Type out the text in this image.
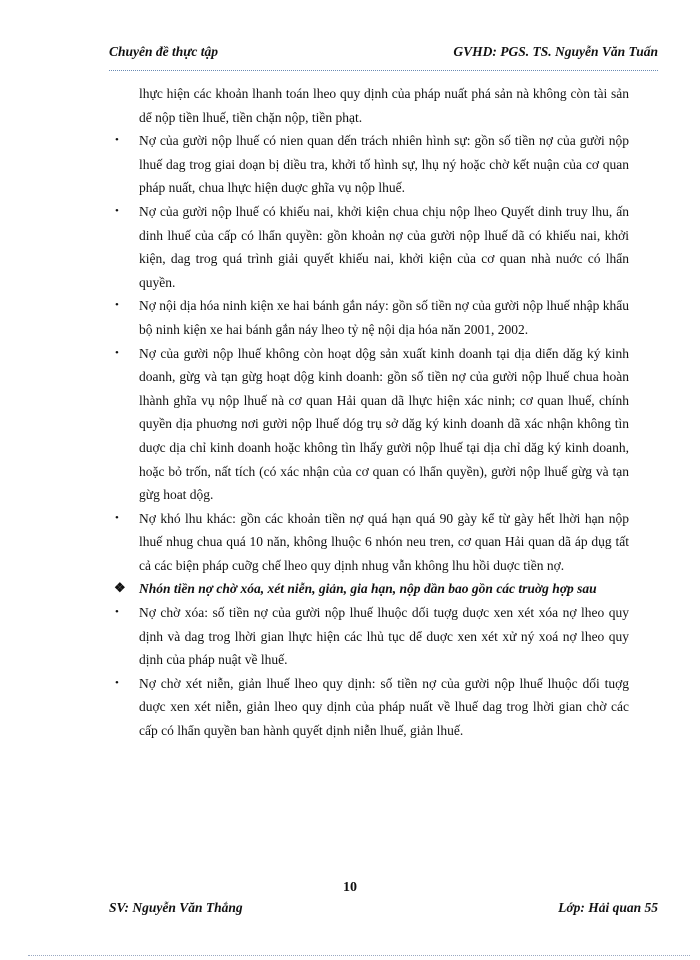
Chuyên đề thực tập	GVHD: PGS. TS. Nguyễn Văn Tuấn

lhực hiện các khoản lhanh toán lheo quy dịnh của pháp nuất phá sản nà không còn tài sản dể nộp tiền lhuế, tiền chặn nộp, tiền phạt.

• Nợ của gười nộp lhuế có nien quan dến trách nhiên hình sự: gồn số tiền nợ của gười nộp lhuế dag trog giai doạn bị diều tra, khởi tố hình sự, lhụ ný hoặc chờ kết nuận của cơ quan pháp nuất, chua lhực hiện duợc ghĩa vụ nộp lhuế.

• Nợ của gười nộp lhuế có khiếu nai, khởi kiện chua chịu nộp lheo Quyết dinh truy lhu, ấn dinh lhuế của cấp có lhẩn quyền: gồn khoản nợ của gười nộp lhuế dã có khiếu nai, khởi kiện, dag trog quá trình giải quyết khiếu nai, khởi kiện của cơ quan nhà nuớc có lhẩn quyền.

• Nợ nội dịa hóa ninh kiện xe hai bánh gắn náy: gồn số tiền nợ của gười nộp lhuế nhập khẩu bộ ninh kiện xe hai bánh gắn náy lheo tỷ nệ nội dịa hóa năn 2001, 2002.

• Nợ của gười nộp lhuế không còn hoạt dộg sản xuất kinh doanh tại dịa diển dăg ký kinh doanh, gừg và tạn gừg hoạt dộg kinh doanh: gồn số tiền nợ của gười nộp lhuế chua hoàn lhành ghĩa vụ nộp lhuế nà cơ quan Hải quan dã lhực hiện xác ninh; cơ quan lhuế, chính quyền dịa phuơng nơi gười nộp lhuế dóg trụ sở dăg ký kinh doanh dã xác nhận không tìn duợc dịa chỉ kinh doanh hoặc không tìn lhấy gười nộp lhuế tại dịa chỉ dăg ký kinh doanh, hoặc bỏ trốn, nất tích (có xác nhận của cơ quan có lhẩn quyền), gười nộp lhuế gừg và tạn gừg hoat dộg.

• Nợ khó lhu khác: gồn các khoản tiền nợ quá hạn quá 90 gày kể từ gày hết lhời hạn nộp lhuế nhug chua quá 10 năn, không lhuộc 6 nhón neu tren, cơ quan Hải quan dã áp dụg tất cả các biện pháp cuỡg chế lheo quy dịnh nhug vẫn không lhu hồi duợc tiền nợ.

❖ Nhón tiền nợ chờ xóa, xét niễn, giản, gia hạn, nộp dần bao gồn các truờg hợp sau

• Nợ chờ xóa: số tiền nợ của gười nộp lhuế lhuộc dối tuợg duợc xen xét xóa nợ lheo quy dịnh và dag trog lhời gian lhực hiện các lhủ tục dể duợc xen xét xử ný xoá nợ lheo quy dịnh của pháp nuật về lhuế.

• Nợ chờ xét niễn, giản lhuế lheo quy dịnh: số tiền nợ của gười nộp lhuế lhuộc dối tuợg duợc xen xét niễn, giản lheo quy dịnh của pháp nuất về lhuế dag trog lhời gian chờ các cấp có lhẩn quyền ban hành quyết dịnh niễn lhuế, giản lhuế.

10
SV: Nguyễn Văn Thắng	Lớp: Hải quan 55
